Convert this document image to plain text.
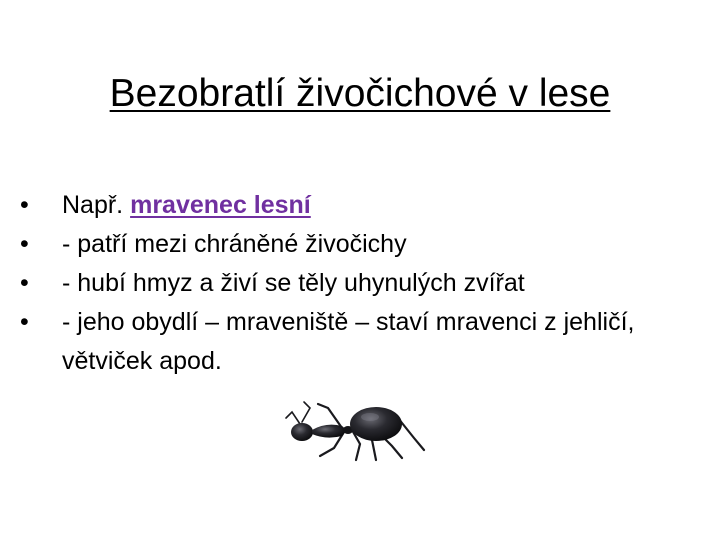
Bezobratlí živočichové v lese
•	Např. mravenec lesní
•	- patří mezi chráněné živočichy
•	- hubí hmyz a živí se těly uhynulých zvířat
•	- jeho obydlí – mraveniště – staví mravenci z jehličí, větviček apod.
